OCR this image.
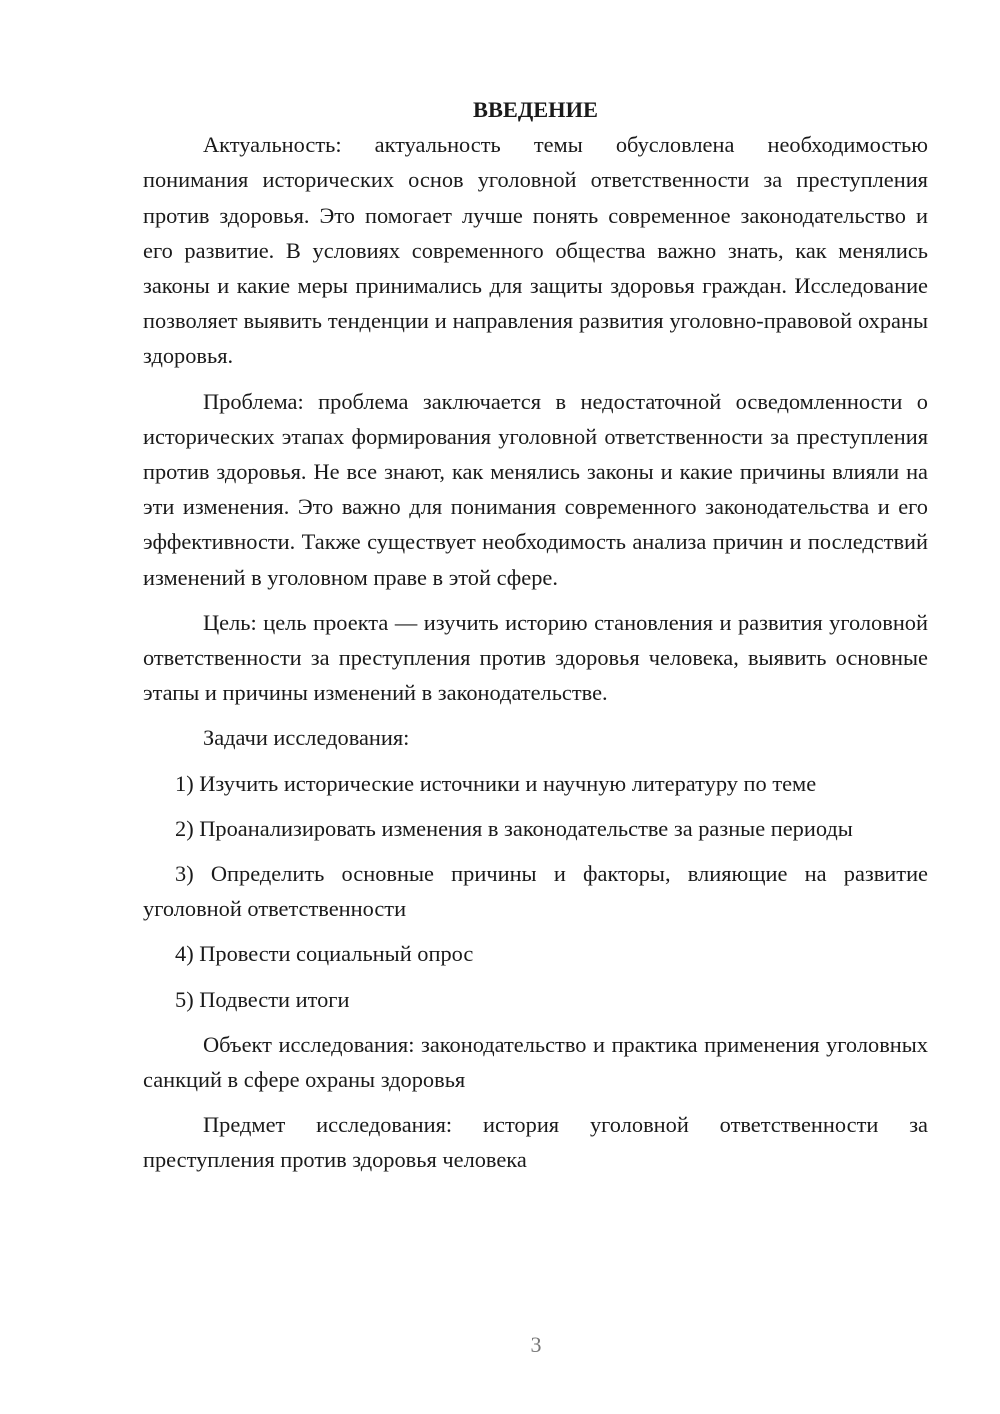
ВВЕДЕНИЕ

Актуальность: актуальность темы обусловлена необходимостью понимания исторических основ уголовной ответственности за преступления против здоровья. Это помогает лучше понять современное законодательство и его развитие. В условиях современного общества важно знать, как менялись законы и какие меры принимались для защиты здоровья граждан. Исследование позволяет выявить тенденции и направления развития уголовно-правовой охраны здоровья.

Проблема: проблема заключается в недостаточной осведомленности о исторических этапах формирования уголовной ответственности за преступления против здоровья. Не все знают, как менялись законы и какие причины влияли на эти изменения. Это важно для понимания современного законодательства и его эффективности. Также существует необходимость анализа причин и последствий изменений в уголовном праве в этой сфере.

Цель: цель проекта — изучить историю становления и развития уголовной ответственности за преступления против здоровья человека, выявить основные этапы и причины изменений в законодательстве.

Задачи исследования:

1) Изучить исторические источники и научную литературу по теме

2) Проанализировать изменения в законодательстве за разные периоды

3) Определить основные причины и факторы, влияющие на развитие уголовной ответственности

4) Провести социальный опрос

5) Подвести итоги

Объект исследования: законодательство и практика применения уголовных санкций в сфере охраны здоровья

Предмет исследования: история уголовной ответственности за преступления против здоровья человека

3
